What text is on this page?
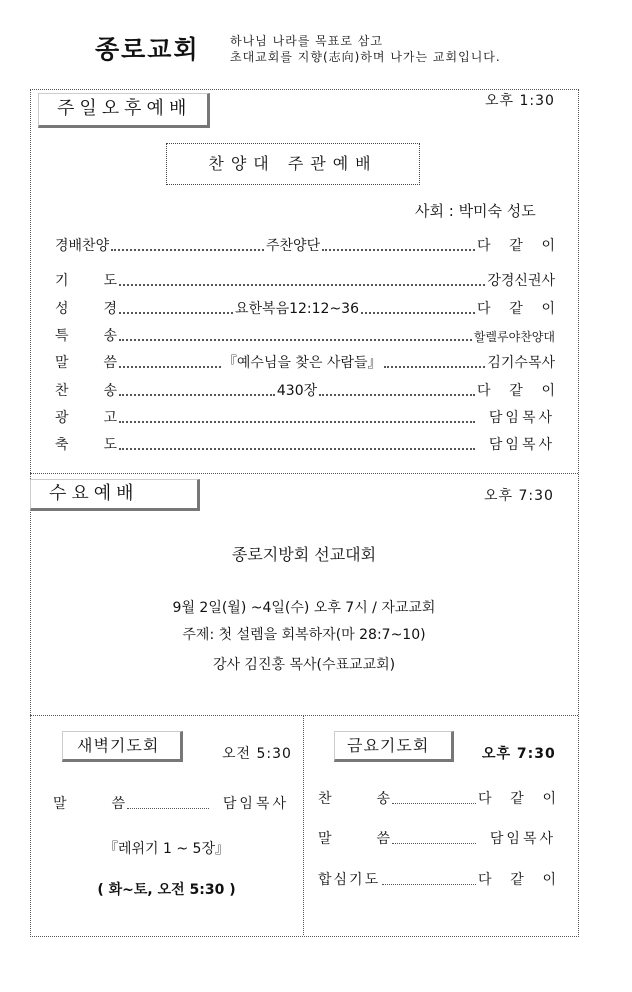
종로교회	하나님 나라를 목표로 삼고
초대교회를 지향(志向)하며 나가는 교회입니다.
주일오후예배	오후 1:30
찬양대 주관예배
사회 : 박미숙 성도
경배찬양	주찬양단	다 같 이
기 도	강경신권사
성 경	요한복음12:12~36	다 같 이
특 송	할렐루야찬양대
말 씀	『예수님을 찾은 사람들』	김기수목사
찬 송	430장	다 같 이
광 고	담임목사
축 도	담임목사
수요예배	오후 7:30
종로지방회 선교대회
9월 2일(월) ~4일(수) 오후 7시 / 자교교회
주제: 첫 설렘을 회복하자(마 28:7~10)
강사 김진홍 목사(수표교교회)
새벽기도회	오전 5:30
말	씀	담임목사
『레위기 1 ~ 5장』
( 화~토, 오전 5:30 )
금요기도회	오후 7:30
찬	송	다 같 이
말	씀	담임목사
합심기도	다 같 이
